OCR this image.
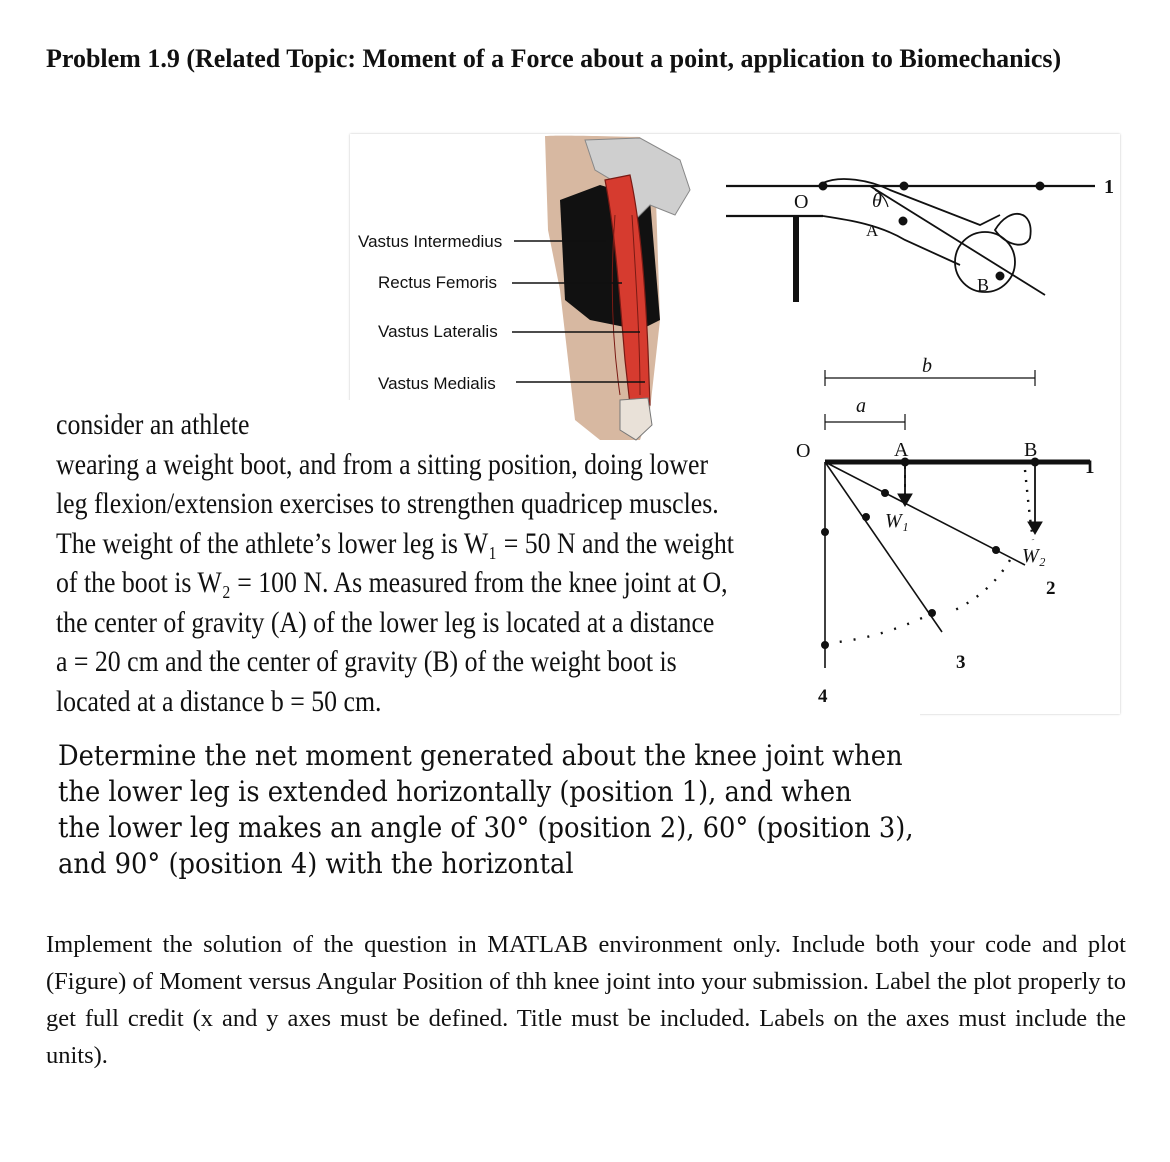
Problem 1.9 (Related Topic: Moment of a Force about a point, application to Biomechanics)
Vastus Intermedius
Rectus Femoris
Vastus Lateralis
Vastus Medialis
O	θ
A
B
1
b
a
O	A	B
W₁
W₂
1
2
3
4
consider an athlete
wearing a weight boot, and from a sitting position, doing lower
leg flexion/extension exercises to strengthen quadricep muscles.
The weight of the athlete’s lower leg is W₁ = 50 N and the weight
of the boot is W₂ = 100 N. As measured from the knee joint at O,
the center of gravity (A) of the lower leg is located at a distance
a = 20 cm and the center of gravity (B) of the weight boot is
located at a distance b = 50 cm.
Determine the net moment generated about the knee joint when
the lower leg is extended horizontally (position 1), and when
the lower leg makes an angle of 30° (position 2), 60° (position 3),
and 90° (position 4) with the horizontal
Implement the solution of the question in MATLAB environment only. Include both your code and plot (Figure) of Moment versus Angular Position of thh knee joint into your submission. Label the plot properly to get full credit (x and y axes must be defined. Title must be included. Labels on the axes must include the units).
